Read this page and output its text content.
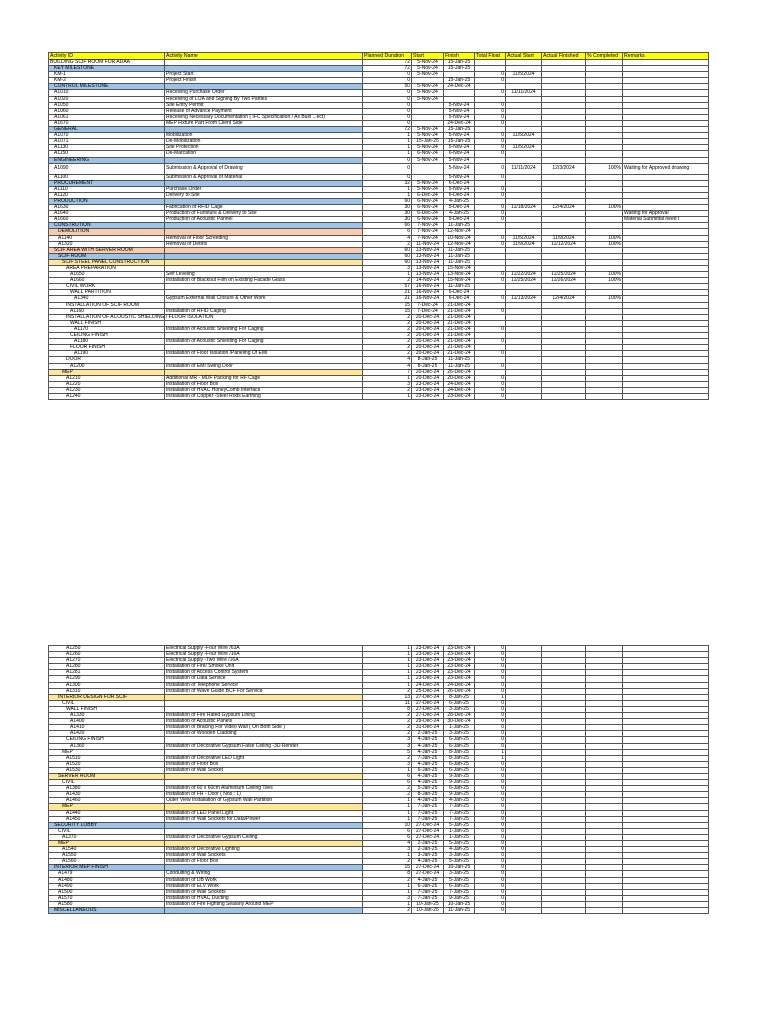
Activity ID	Activity Name	Planned Duration	Start	Finish	Total Float	Actual Start	Actual Finished	% Completed	Remarks
BUILDING SCIF ROOM FOR ADAA		72	5-Nov-24	15-Jan-25					
KEY MILESTONE		72	5-Nov-24	15-Jan-25					
KM-1	Project Start	0	5-Nov-24		0	11/5/2024			
KM-2	Project Finish	0		15-Jan-25	0				
CONTROL MILESTONE		50	5-Nov-24	24-Dec-24					
A1010	Receiving Purchase Order	0	5-Nov-24		0	11/11/2024			
A1020	Receiving of LOA and Signing By Two Parties	0	5-Nov-24						
A1050	Site Entry Permit	0		5-Nov-24	0				
A1060	Release of Advance Payment	0		5-Nov-24	0				
A1061	Receiving Necessary Documentation ( IFC Specification / As Built ...ect)	0		5-Nov-24	0				
A1670	MEP Fixture Part From Client Side	0		24-Dec-24	0				
GENERAL		72	5-Nov-24	15-Jan-25					
A1070	Mobilization	1	5-Nov-24	5-Nov-24	0	11/5/2024			
A1071	De-Mobilization	1	15-Jan-25	15-Jan-25	0				
A1130	Site Protection	1	5-Nov-24	5-Nov-24	0	11/5/2024			
A1150	De-Marcation	1	6-Nov-24	6-Nov-24	0				
ENGINEERING		0	5-Nov-24	5-Nov-24					
A1090	Submission & Approval of Drawing	0		5-Nov-24	0	11/11/2024	12/3/2024	100%	Waiting for Approved drawing
A1100	Submission & Approval of Material	0		5-Nov-24	0				
PROCUREMENT		32	5-Nov-24	6-Dec-24					
A1110	Purchase Order	1	5-Nov-24	5-Nov-24	0				
A1120	Delivery to Site	1	6-Dec-24	6-Dec-24	0				
PRODUCTION		60	6-Nov-24	4-Jan-25					
A1630	Fabrication of RFID Cage	30	6-Nov-24	5-Dec-24	0	11/18/2024	12/4/2024	100%	
A1640	Production of Furniture & Delivery to Site	30	6-Dec-24	4-Jan-25	0				Waiting for Approval
A1660	Production of Acoustic Pannel	30	6-Nov-24	5-Dec-24	0				Material Submittal need t
CONSTRUTION		66	7-Nov-24	11-Jan-25					
DEMOLITION		6	7-Nov-24	12-Nov-24					
A1140	Removal of Floor Screeding	4	7-Nov-24	10-Nov-24	0	11/5/2024	11/9/2024	100%	
A1320	Removal of Debris	2	11-Nov-24	12-Nov-24	0	11/9/2024	11/12/2024	100%	
SCIF AREA WITH SERVER ROOM		60	13-Nov-24	11-Jan-25					
SCIF ROOM		60	13-Nov-24	11-Jan-25					
SCIF STEEL PANEL CONSTRUCTION		60	13-Nov-24	11-Jan-25					
AREA PREPARATION		3	13-Nov-24	15-Nov-24					
A1650	Self Leveling	1	13-Nov-24	13-Nov-24	0	11/22/2024	11/25/2024	100%	
A1660	Installation of Blackout Film on Existing Facade Glass	2	14-Nov-24	15-Nov-24	0	11/25/2024	11/26/2024	100%	
CIVIL WORK		57	16-Nov-24	11-Jan-25					
WALL PARTITION		21	16-Nov-24	6-Dec-24					
A1340	Gypsum External Wall Closure & Other Work	21	16-Nov-24	6-Dec-24	0	11/13/2024	12/4/2024	100%	
INSTALLATION OF SCIF ROOM		15	7-Dec-24	21-Dec-24					
A1160	Installation of RFID Caging	15	7-Dec-24	21-Dec-24	0				
INSTALLATION OF ACOUSTIC SHIELDING / FLOOR ISOLATION		2	20-Dec-24	21-Dec-24					
WALL FINISH		2	20-Dec-24	21-Dec-24					
A1170	Installation of Acoustic Shielding For Caging	2	20-Dec-24	21-Dec-24	0				
CEILING FINISH		2	20-Dec-24	21-Dec-24					
A1180	Installation of Acoustic Shielding For Caging	2	20-Dec-24	21-Dec-24	0				
FLOOR FINISH		2	20-Dec-24	21-Dec-24					
A1190	Installation of Floor Isolation /Paneling Of EMI	2	20-Dec-24	21-Dec-24	0				
DOOR		4	8-Jan-25	11-Jan-25					
A1200	Installation of EMI Swing Door	4	8-Jan-25	11-Jan-25	0				
MEP		7	20-Dec-24	26-Dec-24					
A1210	Additional MR - MDF Packing for RF Cage	1	20-Dec-24	20-Dec-24	0				
A1220	Installation of Floor Box	3	23-Dec-24	24-Dec-24	0				
A1230	Installation of HVAC HoneyComb Interface	2	23-Dec-24	24-Dec-24	0				
A1240	Installation of Copper -Steel Rods Earthing	1	23-Dec-24	23-Dec-24	0				
A1250	Electrical Supply -Four Wire /63A	1	23-Dec-24	23-Dec-24	0				
A1260	Electrical Supply -Four Wire /16A	1	23-Dec-24	23-Dec-24	0				
A1270	Electrical Supply -Two Wire /16A	1	23-Dec-24	23-Dec-24	0				
A1280	Installation of Fire/ Smoke Unit	1	23-Dec-24	23-Dec-24	0				
A1281	Installation of Access Control System	1	23-Dec-24	23-Dec-24	0				
A1290	Installation of Data Service	1	23-Dec-24	23-Dec-24	0				
A1300	Installation of Telephone Service	1	24-Dec-24	24-Dec-24	0				
A1310	Installation of Wave Guide BCF For Service	2	25-Dec-24	26-Dec-24	0				
INTERIOR DESIGN FOR SCIF		13	27-Dec-24	8-Jan-25	1				
CIVIL		11	27-Dec-24	6-Jan-25	0				
WALL FINISH		8	27-Dec-24	3-Jan-25	0				
A1330	Installation of Fire Rated Gypsum Lining	2	27-Dec-24	28-Dec-24	0				
A1400	Installation of Acoustic Panels	2	29-Dec-24	30-Dec-24	0				
A1410	Installation of Bracing For Video Wall ( On Both Side )	2	31-Dec-24	1-Jan-25	0				
A1420	Installation of Wooden Cladding	2	2-Jan-25	3-Jan-25	0				
CEILING FINISH		3	4-Jan-25	6-Jan-25	0				
A1360	Installation of Decorative Gypsum False Ceiling -3D Render	3	4-Jan-25	6-Jan-25	0				
MEP		5	4-Jan-25	8-Jan-25	1				
A1510	Installation of Decorative LED Light	2	7-Jan-25	8-Jan-25	1				
A1520	Installation of Floor Box	3	4-Jan-25	6-Jan-25	0				
A1530	Installation of Wall Socket	1	6-Jan-25	6-Jan-25	0				
SERVER ROOM		6	4-Jan-25	9-Jan-25	0				
CIVIL		6	4-Jan-25	9-Jan-25	0				
A1380	Installation of 60 x 60cm Aluminium Ceiling Tiles	2	5-Jan-25	6-Jan-25	0				
A1430	Installation of FR - Door ( Nos : 1)	2	8-Jan-25	9-Jan-25	0				
A1460	Outer View Installation of Gypsum Wall Partition	1	4-Jan-25	4-Jan-25	0				
MEP		1	7-Jan-25	7-Jan-25	0				
A1440	Installation of LED Panel Light	1	7-Jan-25	7-Jan-25	0				
A1450	Installation of Wall Sockets for Data/Power	1	7-Jan-25	7-Jan-25	0				
SECURITY LOBBY		10	27-Dec-24	5-Jan-25	0				
CIVIL		6	27-Dec-24	1-Jan-25	0				
A1370	Installation of Decorative Gypsum Ceiling	6	27-Dec-24	1-Jan-25	0				
MEP		4	2-Jan-25	5-Jan-25	0				
A1540	Installation of Decorative Lighting	3	2-Jan-25	4-Jan-25	0				
A1550	Installation of Wall Sockets	1	3-Jan-25	3-Jan-25	0				
A1560	Installation of Floor Box	2	4-Jan-25	5-Jan-25	0				
INTERIOR MEP FINISH		15	27-Dec-24	10-Jan-25	0				
A1479	Conduiting & Wiring	8	27-Dec-24	3-Jan-25	0				
A1480	Installation of DB Work	2	4-Jan-25	5-Jan-25	0				
A1490	Installation of ELV Work	1	6-Jan-25	6-Jan-25	0				
A1500	Installation of Wall Sockets	1	7-Jan-25	7-Jan-25	0				
A1570	Installation of HVAC Ducting	3	7-Jan-25	9-Jan-25	0				
A1580	Installation of Fire Fighting Sealany Around MEP	1	10-Jan-25	10-Jan-25	0				
MISCELLANEOUS		2	10-Jan-25	11-Jan-25	0				
